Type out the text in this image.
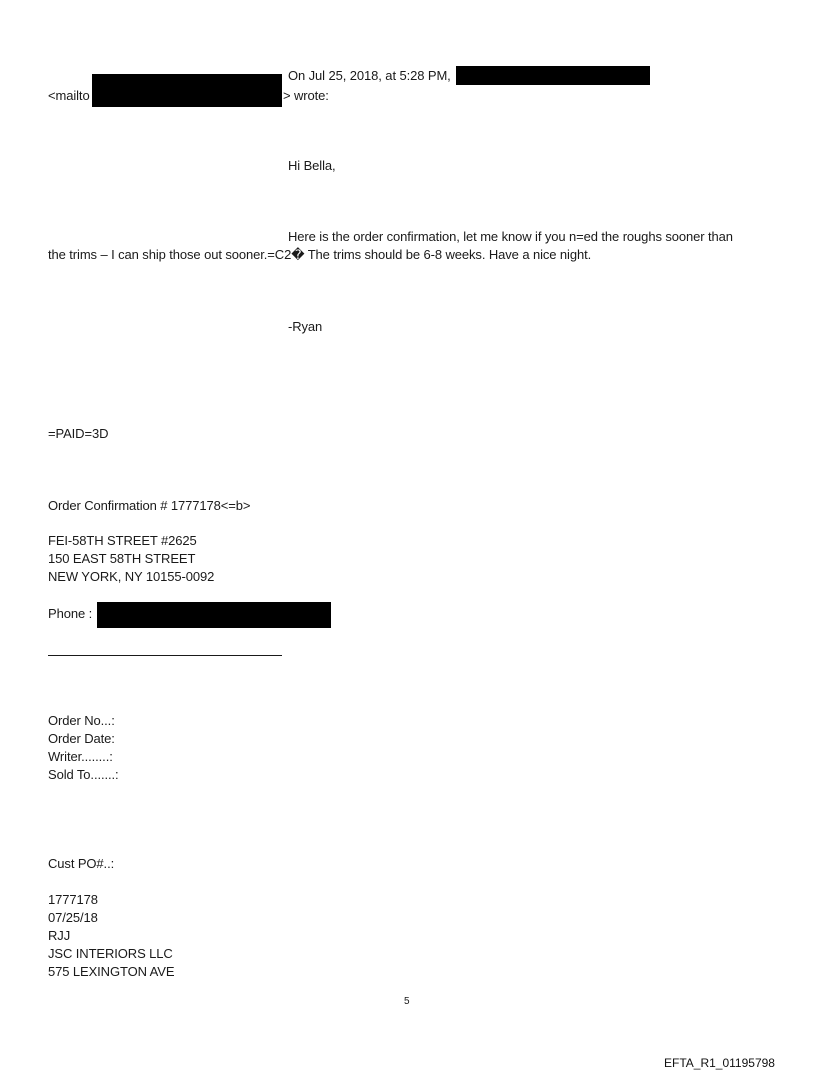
On Jul 25, 2018, at 5:28 PM,
<mailto	> wrote:
Hi Bella,
Here is the order confirmation, let me know if you n=ed the roughs sooner than
the trims – I can ship those out sooner.=C2� The trims should be 6-8 weeks. Have a nice night.
-Ryan
=PAID=3D
Order Confirmation # 1777178<=b>
FEI-58TH STREET #2625
150 EAST 58TH STREET
NEW YORK, NY 10155-0092
Phone :
Order No...:
Order Date:
Writer........:
Sold To.......:
Cust PO#..:
1777178
07/25/18
RJJ
JSC INTERIORS LLC
575 LEXINGTON AVE
5
EFTA_R1_01195798
